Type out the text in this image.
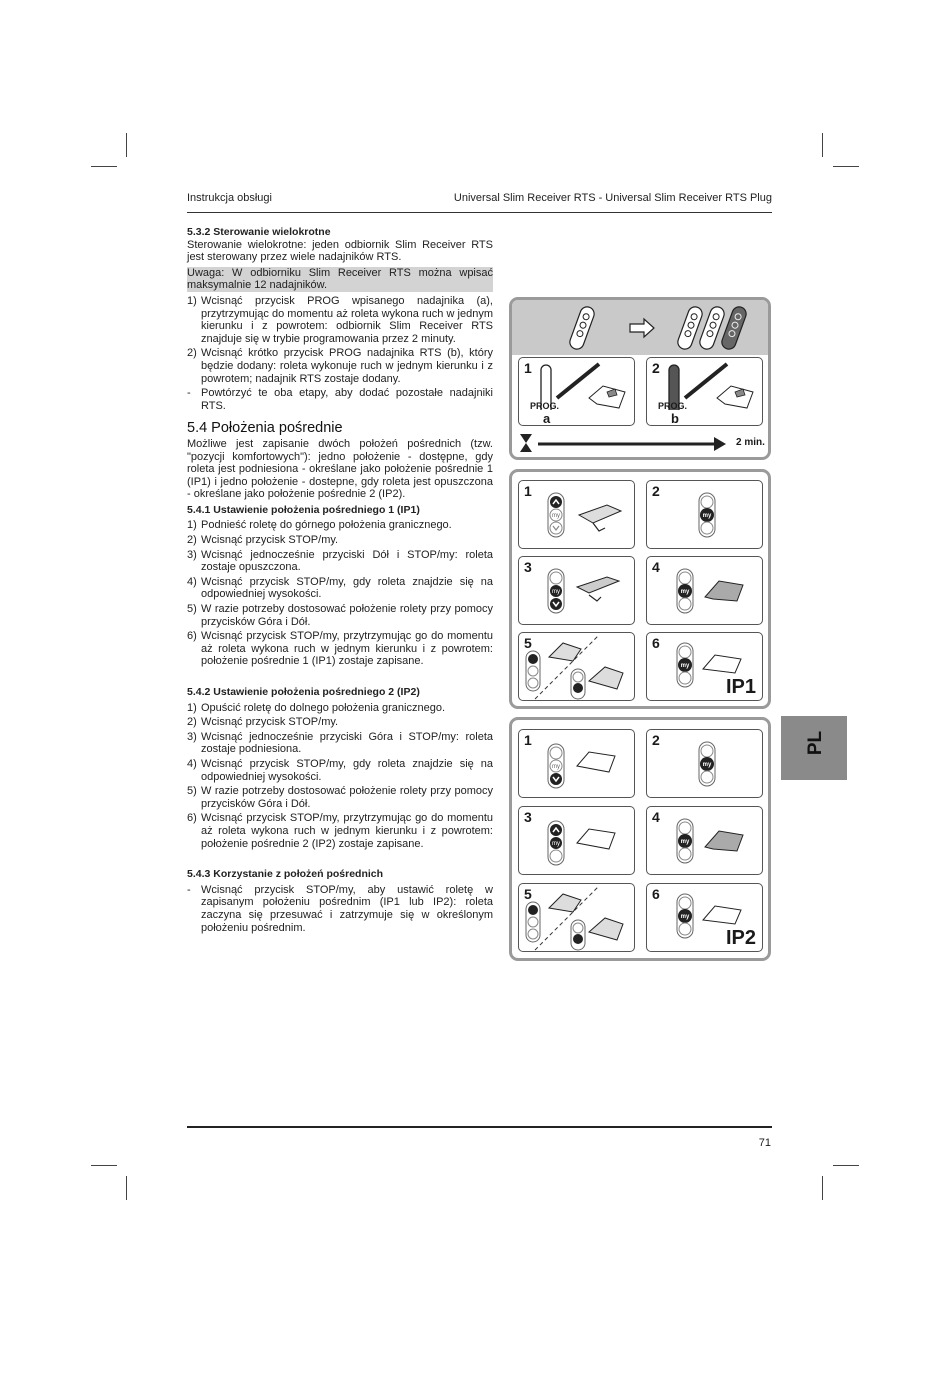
Instrukcja obsługi	Universal Slim Receiver RTS - Universal Slim Receiver RTS Plug
5.3.2 Sterowanie wielokrotne
Sterowanie wielokrotne: jeden odbiornik Slim Receiver RTS jest sterowany przez wiele nadajników RTS.
Uwaga: W odbiorniku Slim Receiver RTS można wpisać maksymalnie 12 nadajników.
1) Wcisnąć przycisk PROG wpisanego nadajnika (a), przytrzymując do momentu aż roleta wykona ruch w jednym kierunku i z powrotem: odbiornik Slim Receiver RTS znajduje się w trybie programowania przez 2 minuty.
2) Wcisnąć krótko przycisk PROG nadajnika RTS (b), który będzie dodany: roleta wykonuje ruch w jednym kierunku i z powrotem; nadajnik RTS zostaje dodany.
- Powtórzyć te oba etapy, aby dodać pozostałe nadajniki RTS.
5.4 Położenia pośrednie
Możliwe jest zapisanie dwóch położeń pośrednich (tzw. "pozycji komfortowych"): jedno położenie - dostępne, gdy roleta jest podniesiona - określane jako położenie pośrednie 1 (IP1) i jedno położenie - dostepne, gdy roleta jest opuszczona - określane jako położenie pośrednie 2 (IP2).
5.4.1 Ustawienie położenia pośredniego 1 (IP1)
1) Podnieść roletę do górnego położenia granicznego.
2) Wcisnąć przycisk STOP/my.
3) Wcisnąć jednocześnie przyciski Dół i STOP/my: roleta zostaje opuszczona.
4) Wcisnąć przycisk STOP/my, gdy roleta znajdzie się na odpowiedniej wysokości.
5) W razie potrzeby dostosować położenie rolety przy pomocy przycisków Góra i Dół.
6) Wcisnąć przycisk STOP/my, przytrzymując go do momentu aż roleta wykona ruch w jednym kierunku i z powrotem: położenie pośrednie 1 (IP1) zostaje zapisane.
5.4.2 Ustawienie położenia pośredniego 2 (IP2)
1) Opuścić roletę do dolnego położenia granicznego.
2) Wcisnąć przycisk STOP/my.
3) Wcisnąć jednocześnie przyciski Góra i STOP/my: roleta zostaje podniesiona.
4) Wcisnąć przycisk STOP/my, gdy roleta znajdzie się na odpowiedniej wysokości.
5) W razie potrzeby dostosować położenie rolety przy pomocy przycisków Góra i Dół.
6) Wcisnąć przycisk STOP/my, przytrzymując go do momentu aż roleta wykona ruch w jednym kierunku i z powrotem: położenie pośrednie 2 (IP2) zostaje zapisane.
5.4.3 Korzystanie z położeń pośrednich
- Wcisnąć przycisk STOP/my, aby ustawić roletę w zapisanym położeniu pośrednim (IP1 lub IP2): roleta zaczyna się przesuwać i zatrzymuje się w określonym położeniu pośrednim.
PL
1
PROG.
a
2
PROG.
b
2 min.
1
my
2
my
3
my
4
my
5	6
my
IP1
1
my
2
my
3
my
4
my
5	6
my
IP2
71
